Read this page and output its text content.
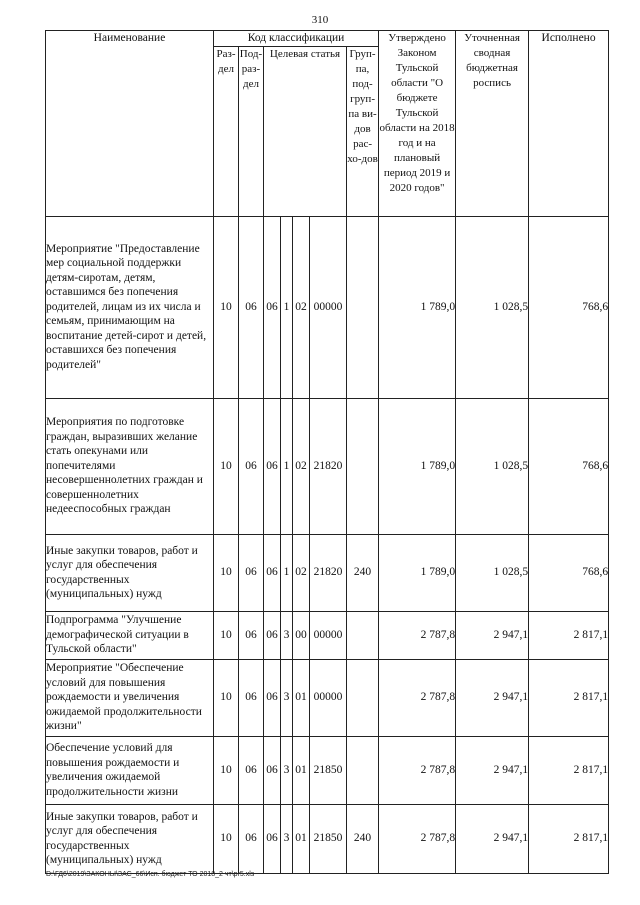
310
Наименование	Код классификации							Утверждено Законом Тульской области "О бюджете Тульской области на 2018 год и на плановый период 2019 и 2020 годов"	Уточненная сводная бюджетная роспись	Исполнено
	Раз-дел	Под-раз-дел	Целевая статья				Груп-па, под-груп-па ви-дов рас-хо-дов			
Мероприятие "Предоставление мер социальной поддержки детям-сиротам, детям, оставшимся без попечения родителей, лицам из их числа и семьям, принимающим на воспитание детей-сирот и детей, оставшихся без попечения родителей"	10	06	06	1	02	00000		1 789,0	1 028,5	768,6
Мероприятия по подготовке граждан, выразивших желание стать опекунами или попечителями несовершеннолетних граждан и совершеннолетних недееспособных граждан	10	06	06	1	02	21820		1 789,0	1 028,5	768,6
Иные закупки товаров, работ и услуг для обеспечения государственных (муниципальных) нужд	10	06	06	1	02	21820	240	1 789,0	1 028,5	768,6
Подпрограмма "Улучшение демографической ситуации в Тульской области"	10	06	06	3	00	00000		2 787,8	2 947,1	2 817,1
Мероприятие "Обеспечение условий для повышения рождаемости и увеличения ожидаемой продолжительности жизни"	10	06	06	3	01	00000		2 787,8	2 947,1	2 817,1
Обеспечение условий для повышения рождаемости и увеличения ожидаемой продолжительности жизни	10	06	06	3	01	21850		2 787,8	2 947,1	2 817,1
Иные закупки товаров, работ и услуг для обеспечения государственных (муниципальных) нужд	10	06	06	3	01	21850	240	2 787,8	2 947,1	2 817,1
D:\ГД6\2019\ЗАКОНЫ\ЗАС_66\Исп. бюджет ТО 2018_2 чт\pr5.xls
